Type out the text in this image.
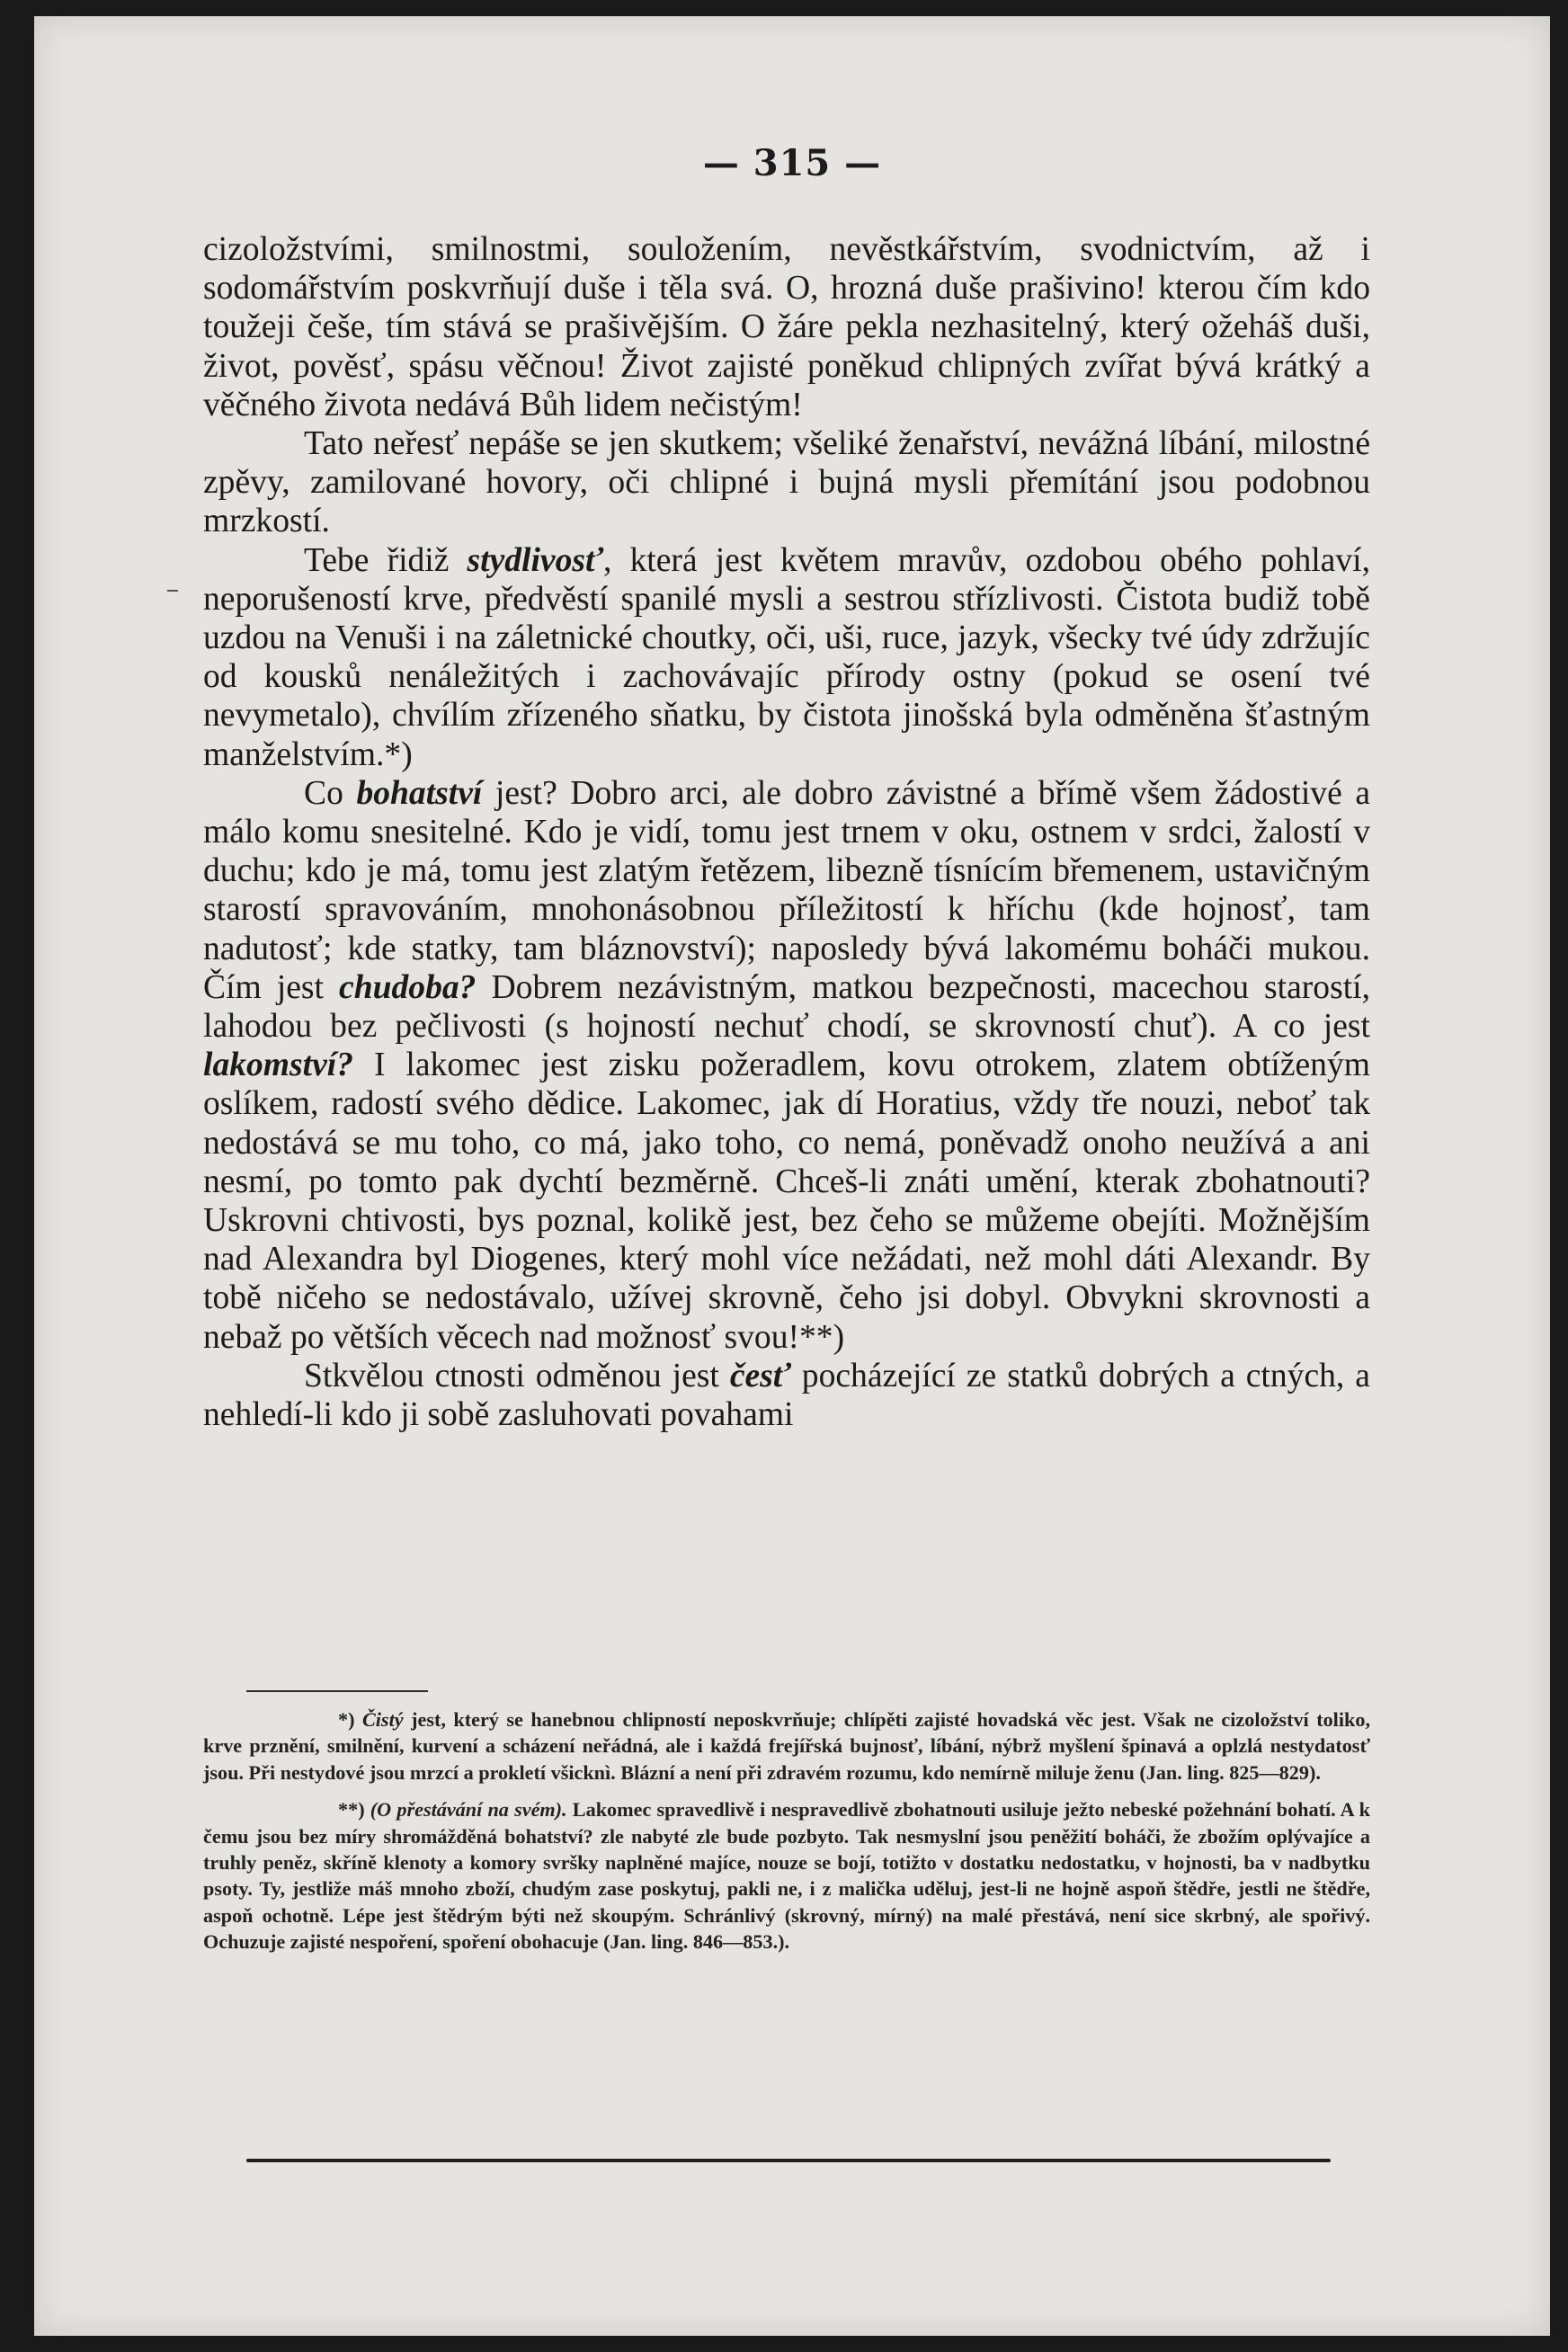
— 315 —

cizoložstvími, smilnostmi, souložením, nevěstkářstvím, svodnictvím, až i sodomářstvím poskvrňují duše i těla svá. O, hrozná duše prašivino! kterou čím kdo toužeji češe, tím stává se prašivějším. O žáre pekla nezhasitelný, který ožeháš duši, život, pověsť, spásu věčnou! Život zajisté poněkud chlipných zvířat bývá krátký a věčného života nedává Bůh lidem nečistým!

Tato neřesť nepáše se jen skutkem; všeliké ženařství, nevážná líbání, milostné zpěvy, zamilované hovory, oči chlipné i bujná mysli přemítání jsou podobnou mrzkostí.

Tebe řidiž stydlivosť, která jest květem mravův, ozdobou obého pohlaví, neporušeností krve, předvěstí spanilé mysli a sestrou střízlivosti. Čistota budiž tobě uzdou na Venuši i na záletnické choutky, oči, uši, ruce, jazyk, všecky tvé údy zdržujíc od kousků nenáležitých i zachovávajíc přírody ostny (pokud se osení tvé nevymetalo), chvílím zřízeného sňatku, by čistota jinošská byla odměněna šťastným manželstvím.*)

Co bohatství jest? Dobro arci, ale dobro závistné a břímě všem žádostivé a málo komu snesitelné. Kdo je vidí, tomu jest trnem v oku, ostnem v srdci, žalostí v duchu; kdo je má, tomu jest zlatým řetězem, libezně tísnícím břemenem, ustavičným starostí spravováním, mnohonásobnou příležitostí k hříchu (kde hojnosť, tam nadutosť; kde statky, tam bláznovství); naposledy bývá lakomému boháči mukou. Čím jest chudoba? Dobrem nezávistným, matkou bezpečnosti, macechou starostí, lahodou bez pečlivosti (s hojností nechuť chodí, se skrovností chuť). A co jest lakomství? I lakomec jest zisku požeradlem, kovu otrokem, zlatem obtíženým oslíkem, radostí svého dědice. Lakomec, jak dí Horatius, vždy tře nouzi, neboť tak nedostává se mu toho, co má, jako toho, co nemá, poněvadž onoho neužívá a ani nesmí, po tomto pak dychtí bezměrně. Chceš-li znáti umění, kterak zbohatnouti? Uskrovni chtivosti, bys poznal, kolikě jest, bez čeho se můžeme obejíti. Možnějším nad Alexandra byl Diogenes, který mohl více nežádati, než mohl dáti Alexandr. By tobě ničeho se nedostávalo, užívej skrovně, čeho jsi dobyl. Obvykni skrovnosti a nebaž po větších věcech nad možnosť svou!**)

Stkvělou ctnosti odměnou jest česť pocházející ze statků dobrých a ctných, a nehledí-li kdo ji sobě zasluhovati povahami

*) Čistý jest, který se hanebnou chlipností neposkvrňuje; chlípěti zajisté hovadská věc jest. Však ne cizoložství toliko, krve prznění, smilnění, kurvení a scházení neřádná, ale i každá frejířská bujnosť, líbání, nýbrž myšlení špinavá a oplzlá nestydatosť jsou. Při nestydové jsou mrzcí a prokletí všicknì. Blázní a není při zdravém rozumu, kdo nemírně miluje ženu (Jan. ling. 825—829).

**) (O přestávání na svém). Lakomec spravedlivě i nespravedlivě zbohatnouti usiluje ježto nebeské požehnání bohatí. A k čemu jsou bez míry shromážděná bohatství? zle nabyté zle bude pozbyto. Tak nesmyslní jsou peněžití boháči, že zbožím oplývajíce a truhly peněz, skříně klenoty a komory svršky naplněné majíce, nouze se bojí, totižto v dostatku nedostatku, v hojnosti, ba v nadbytku psoty. Ty, jestliže máš mnoho zboží, chudým zase poskytuj, pakli ne, i z malička uděluj, jest-li ne hojně aspoň štědře, jestli ne štědře, aspoň ochotně. Lépe jest štědrým býti než skoupým. Schránlivý (skrovný, mírný) na malé přestává, není sice skrbný, ale spořivý. Ochuzuje zajisté nespoření, spoření obohacuje (Jan. ling. 846—853.).
